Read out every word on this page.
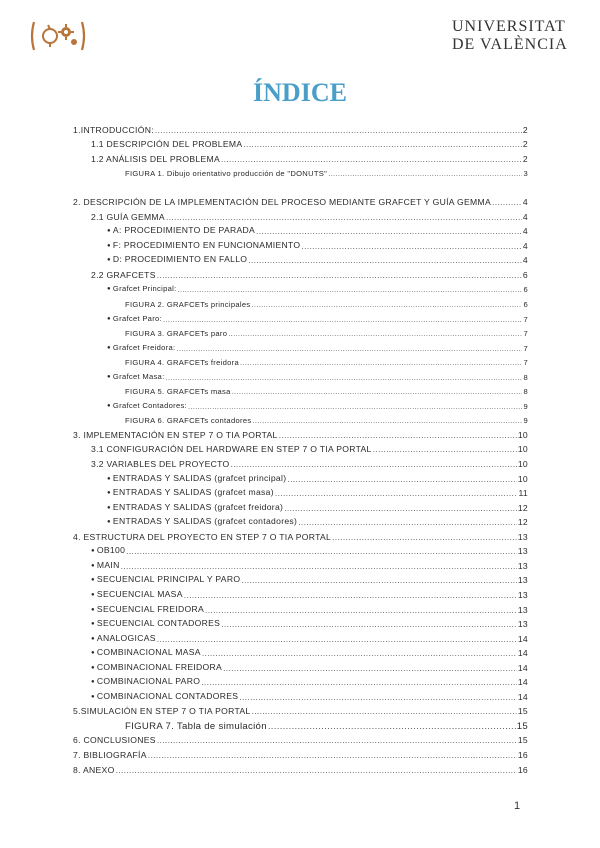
UNIVERSITAT
DE VALÈNCIA
ÍNDICE
1.INTRODUCCIÓN: .....	2
1.1 DESCRIPCIÓN DEL PROBLEMA .....	2
1.2 ANÁLISIS DEL PROBLEMA .....	2
FIGURA 1. Dibujo orientativo producción de "DONUTS" .....	3
2. DESCRIPCIÓN DE LA IMPLEMENTACIÓN DEL PROCESO MEDIANTE GRAFCET Y GUÍA GEMMA .....	4
2.1 GUÍA GEMMA .....	4
● A: PROCEDIMIENTO DE PARADA .....	4
● F: PROCEDIMIENTO EN FUNCIONAMIENTO .....	4
● D: PROCEDIMIENTO EN FALLO .....	4
2.2 GRAFCETS .....	6
● Grafcet Principal: .....	6
FIGURA 2. GRAFCETs principales .....	6
● Grafcet Paro: .....	7
FIGURA 3. GRAFCETs paro .....	7
● Grafcet Freidora: .....	7
FIGURA 4. GRAFCETs freidora .....	7
● Grafcet Masa: .....	8
FIGURA 5. GRAFCETs masa .....	8
● Grafcet Contadores: .....	9
FIGURA 6. GRAFCETs contadores .....	9
3. IMPLEMENTACIÓN EN STEP 7 O TIA PORTAL .....	10
3.1 CONFIGURACIÓN DEL HARDWARE EN STEP 7 O TIA PORTAL .....	10
3.2 VARIABLES DEL PROYECTO .....	10
● ENTRADAS Y SALIDAS (grafcet principal) .....	10
● ENTRADAS Y SALIDAS (grafcet masa) .....	11
● ENTRADAS Y SALIDAS (grafcet freidora) .....	12
● ENTRADAS Y SALIDAS (grafcet contadores) .....	12
4. ESTRUCTURA DEL PROYECTO EN STEP 7 O TIA PORTAL .....	13
● OB100 .....	13
● MAIN .....	13
● SECUENCIAL PRINCIPAL Y PARO .....	13
● SECUENCIAL MASA .....	13
● SECUENCIAL FREIDORA .....	13
● SECUENCIAL CONTADORES .....	13
● ANALOGICAS .....	14
● COMBINACIONAL MASA .....	14
● COMBINACIONAL FREIDORA .....	14
● COMBINACIONAL PARO .....	14
● COMBINACIONAL CONTADORES .....	14
5.SIMULACIÓN EN STEP 7 O TIA PORTAL .....	15
FIGURA 7. Tabla de simulación .....	15
6. CONCLUSIONES .....	15
7. BIBLIOGRAFÍA .....	16
8. ANEXO .....	16
1
